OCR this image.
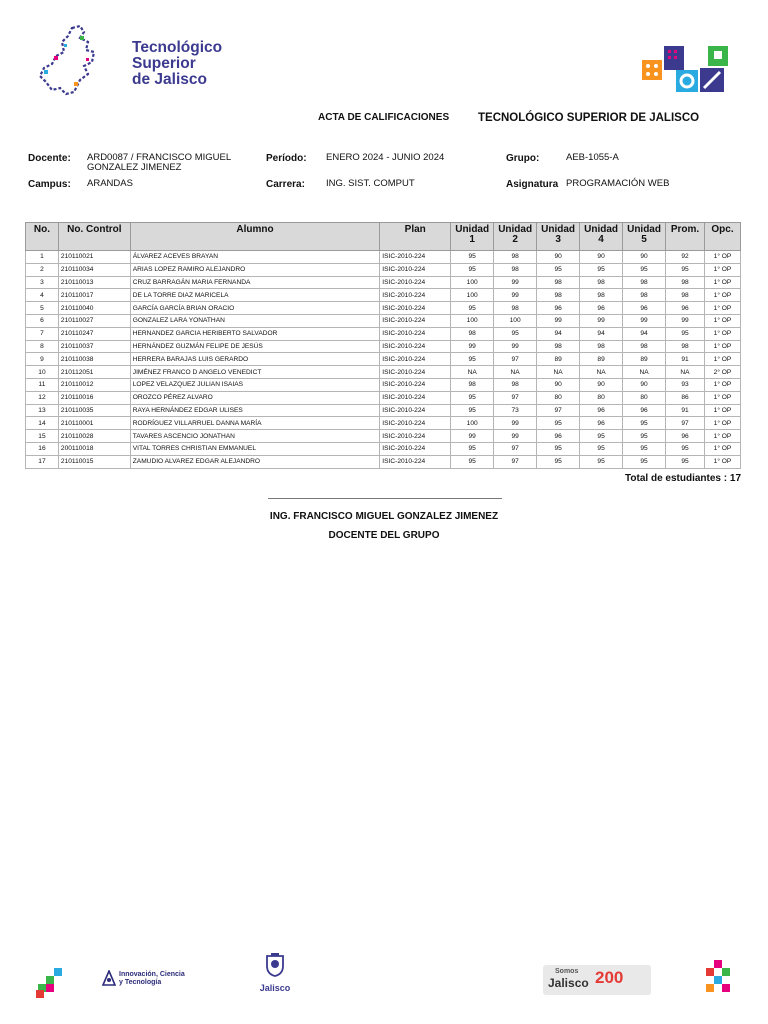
Tecnológico
Superior
de Jalisco
ACTA DE CALIFICACIONES	TECNOLÓGICO SUPERIOR DE JALISCO
Docente: ARD0087 / FRANCISCO MIGUEL GONZALEZ JIMENEZ
Período: ENERO 2024 - JUNIO 2024	Grupo:	AEB-1055-A
Campus: ARANDAS	Carrera: ING. SIST. COMPUT	Asignatura PROGRAMACIÓN WEB
No.	No. Control	Alumno	Plan	Unidad 1	Unidad 2	Unidad 3	Unidad 4	Unidad 5	Prom.	Opc.
1	210110021	ÁLVAREZ ACEVES BRAYAN	ISIC-2010-224	95	98	90	90	90	92	1° OP
2	210110034	ARIAS LOPEZ RAMIRO ALEJANDRO	ISIC-2010-224	95	98	95	95	95	95	1° OP
3	210110013	CRUZ BARRAGÁN MARIA FERNANDA	ISIC-2010-224	100	99	98	98	98	98	1° OP
4	210110017	DE LA TORRE DIAZ MARICELA	ISIC-2010-224	100	99	98	98	98	98	1° OP
5	210110040	GARCÍA GARCÍA BRIAN ORACIO	ISIC-2010-224	95	98	96	96	96	96	1° OP
6	210110027	GONZALEZ LARA YONATHAN	ISIC-2010-224	100	100	99	99	99	99	1° OP
7	210110247	HERNANDEZ GARCIA HERIBERTO SALVADOR	ISIC-2010-224	98	95	94	94	94	95	1° OP
8	210110037	HERNÁNDEZ GUZMÁN FELIPE DE JESÚS	ISIC-2010-224	99	99	98	98	98	98	1° OP
9	210110038	HERRERA BARAJAS LUIS GERARDO	ISIC-2010-224	95	97	89	89	89	91	1° OP
10	210112051	JIMÉNEZ FRANCO D ANGELO VENEDICT	ISIC-2010-224	NA	NA	NA	NA	NA	NA	2° OP
11	210110012	LOPEZ VELAZQUEZ JULIAN ISAIAS	ISIC-2010-224	98	98	90	90	90	93	1° OP
12	210110016	OROZCO PÉREZ ALVARO	ISIC-2010-224	95	97	80	80	80	86	1° OP
13	210110035	RAYA HERNÁNDEZ EDGAR ULISES	ISIC-2010-224	95	73	97	96	96	91	1° OP
14	210110001	RODRÍGUEZ VILLARRUEL DANNA MARÍA	ISIC-2010-224	100	99	95	96	95	97	1° OP
15	210110028	TAVARES ASCENCIO JONATHAN	ISIC-2010-224	99	99	96	95	95	96	1° OP
16	200110018	VITAL TORRES CHRISTIAN EMMANUEL	ISIC-2010-224	95	97	95	95	95	95	1° OP
17	210110015	ZAMUDIO ALVAREZ EDGAR ALEJANDRO	ISIC-2010-224	95	97	95	95	95	95	1° OP
Total de estudiantes : 17
ING. FRANCISCO MIGUEL GONZALEZ JIMENEZ
DOCENTE DEL GRUPO
Innovación, Ciencia
y Tecnología
Jalisco
Somos
Jalisco 200
